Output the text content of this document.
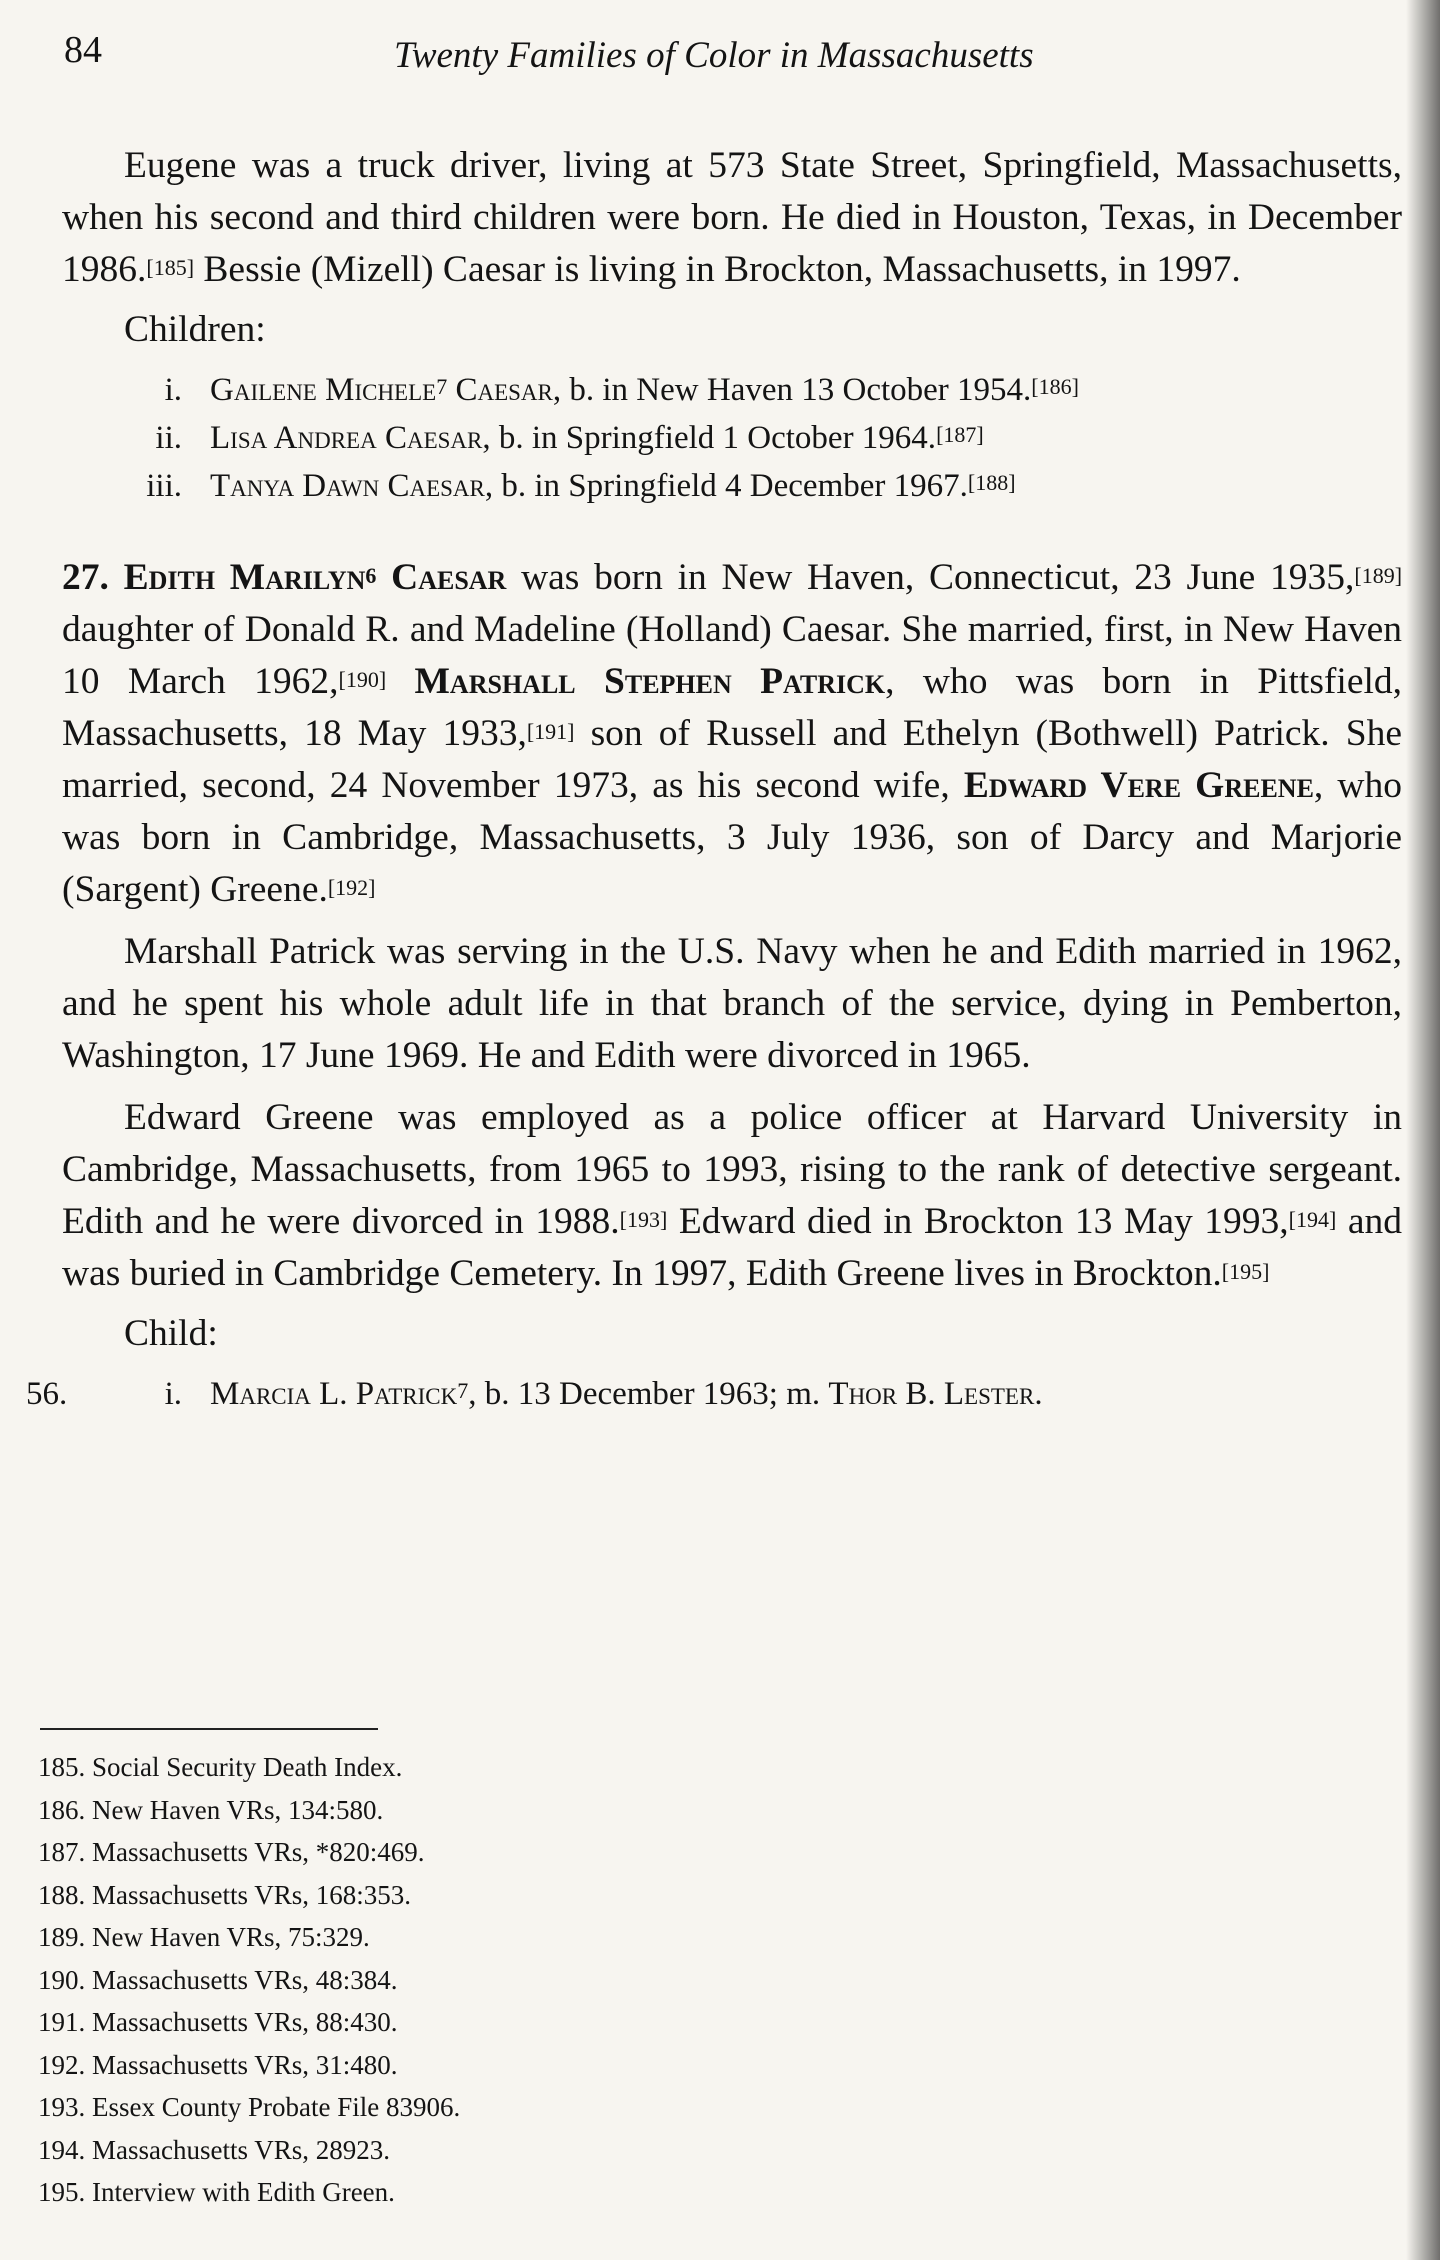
84	Twenty Families of Color in Massachusetts

Eugene was a truck driver, living at 573 State Street, Springfield, Massachusetts, when his second and third children were born. He died in Houston, Texas, in December 1986.[185] Bessie (Mizell) Caesar is living in Brockton, Massachusetts, in 1997.

Children:
i. Gailene Michele$^7$ Caesar, b. in New Haven 13 October 1954.[186]
ii. Lisa Andrea Caesar, b. in Springfield 1 October 1964.[187]
iii. Tanya Dawn Caesar, b. in Springfield 4 December 1967.[188]

27. Edith Marilyn$^6$ Caesar was born in New Haven, Connecticut, 23 June 1935,[189] daughter of Donald R. and Madeline (Holland) Caesar. She married, first, in New Haven 10 March 1962,[190] Marshall Stephen Patrick, who was born in Pittsfield, Massachusetts, 18 May 1933,[191] son of Russell and Ethelyn (Bothwell) Patrick. She married, second, 24 November 1973, as his second wife, Edward Vere Greene, who was born in Cambridge, Massachusetts, 3 July 1936, son of Darcy and Marjorie (Sargent) Greene.[192]

Marshall Patrick was serving in the U.S. Navy when he and Edith married in 1962, and he spent his whole adult life in that branch of the service, dying in Pemberton, Washington, 17 June 1969. He and Edith were divorced in 1965.

Edward Greene was employed as a police officer at Harvard University in Cambridge, Massachusetts, from 1965 to 1993, rising to the rank of detective sergeant. Edith and he were divorced in 1988.[193] Edward died in Brockton 13 May 1993,[194] and was buried in Cambridge Cemetery. In 1997, Edith Greene lives in Brockton.[195]

Child:
56.	i. Marcia L. Patrick$^7$, b. 13 December 1963; m. Thor B. Lester.
185. Social Security Death Index.
186. New Haven VRs, 134:580.
187. Massachusetts VRs, *820:469.
188. Massachusetts VRs, 168:353.
189. New Haven VRs, 75:329.
190. Massachusetts VRs, 48:384.
191. Massachusetts VRs, 88:430.
192. Massachusetts VRs, 31:480.
193. Essex County Probate File 83906.
194. Massachusetts VRs, 28923.
195. Interview with Edith Green.
